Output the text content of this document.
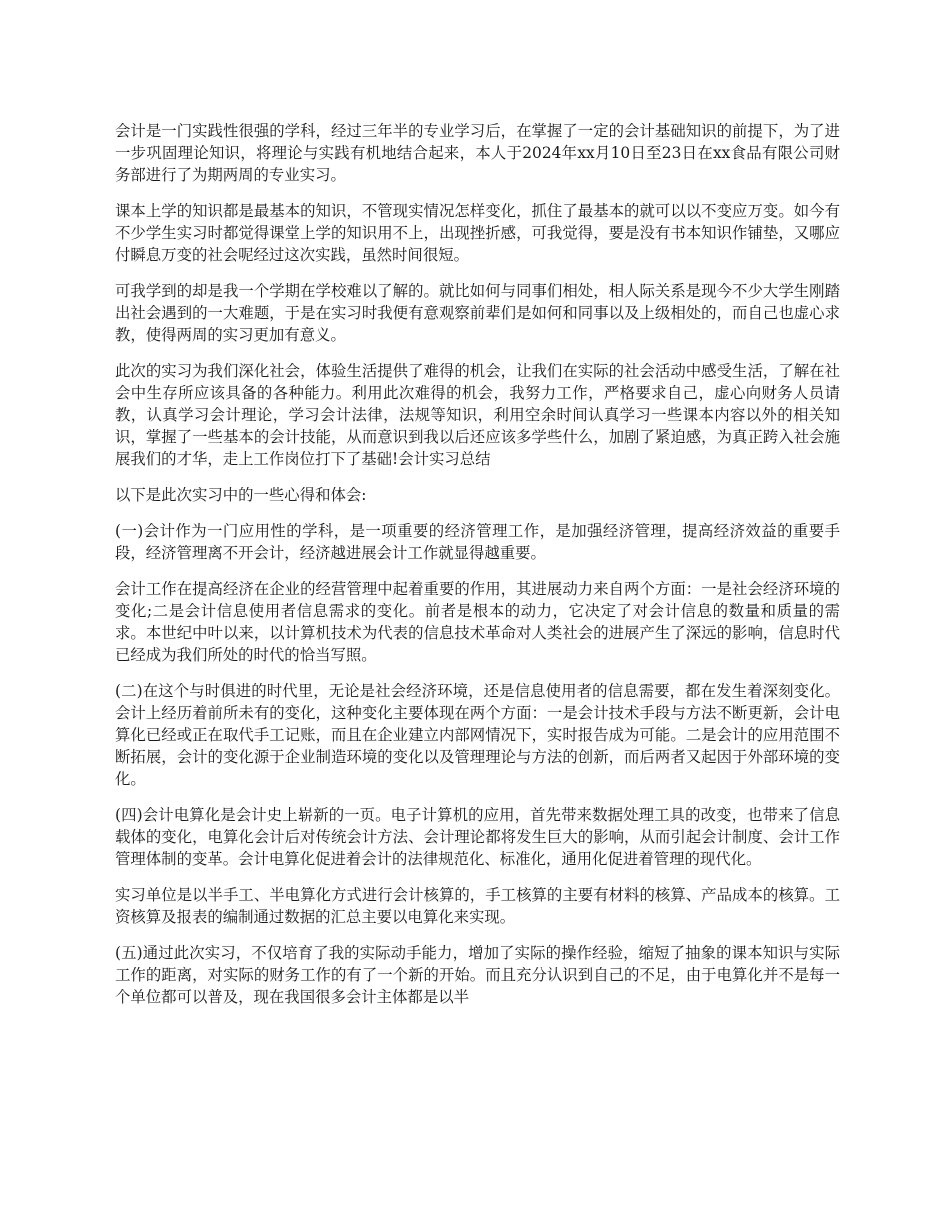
会计是一门实践性很强的学科，经过三年半的专业学习后，在掌握了一定的会计基础知识的前提下，为了进一步巩固理论知识，将理论与实践有机地结合起来，本人于2024年xx月10日至23日在xx食品有限公司财务部进行了为期两周的专业实习。

课本上学的知识都是最基本的知识，不管现实情况怎样变化，抓住了最基本的就可以以不变应万变。如今有不少学生实习时都觉得课堂上学的知识用不上，出现挫折感，可我觉得，要是没有书本知识作铺垫，又哪应付瞬息万变的社会呢经过这次实践，虽然时间很短。

可我学到的却是我一个学期在学校难以了解的。就比如何与同事们相处，相人际关系是现今不少大学生刚踏出社会遇到的一大难题，于是在实习时我便有意观察前辈们是如何和同事以及上级相处的，而自己也虚心求教，使得两周的实习更加有意义。

此次的实习为我们深化社会，体验生活提供了难得的机会，让我们在实际的社会活动中感受生活，了解在社会中生存所应该具备的各种能力。利用此次难得的机会，我努力工作，严格要求自己，虚心向财务人员请教，认真学习会计理论，学习会计法律，法规等知识，利用空余时间认真学习一些课本内容以外的相关知识，掌握了一些基本的会计技能，从而意识到我以后还应该多学些什么，加剧了紧迫感，为真正跨入社会施展我们的才华，走上工作岗位打下了基础!会计实习总结

以下是此次实习中的一些心得和体会:

(一)会计作为一门应用性的学科，是一项重要的经济管理工作，是加强经济管理，提高经济效益的重要手段，经济管理离不开会计，经济越进展会计工作就显得越重要。

会计工作在提高经济在企业的经营管理中起着重要的作用，其进展动力来自两个方面：一是社会经济环境的变化;二是会计信息使用者信息需求的变化。前者是根本的动力，它决定了对会计信息的数量和质量的需求。本世纪中叶以来，以计算机技术为代表的信息技术革命对人类社会的进展产生了深远的影响，信息时代已经成为我们所处的时代的恰当写照。

(二)在这个与时俱进的时代里，无论是社会经济环境，还是信息使用者的信息需要，都在发生着深刻变化。会计上经历着前所未有的变化，这种变化主要体现在两个方面：一是会计技术手段与方法不断更新，会计电算化已经或正在取代手工记账，而且在企业建立内部网情况下，实时报告成为可能。二是会计的应用范围不断拓展，会计的变化源于企业制造环境的变化以及管理理论与方法的创新，而后两者又起因于外部环境的变化。

(四)会计电算化是会计史上崭新的一页。电子计算机的应用，首先带来数据处理工具的改变，也带来了信息载体的变化，电算化会计后对传统会计方法、会计理论都将发生巨大的影响，从而引起会计制度、会计工作管理体制的变革。会计电算化促进着会计的法律规范化、标准化，通用化促进着管理的现代化。

实习单位是以半手工、半电算化方式进行会计核算的，手工核算的主要有材料的核算、产品成本的核算。工资核算及报表的编制通过数据的汇总主要以电算化来实现。

(五)通过此次实习，不仅培育了我的实际动手能力，增加了实际的操作经验，缩短了抽象的课本知识与实际工作的距离，对实际的财务工作的有了一个新的开始。而且充分认识到自己的不足，由于电算化并不是每一个单位都可以普及，现在我国很多会计主体都是以半
